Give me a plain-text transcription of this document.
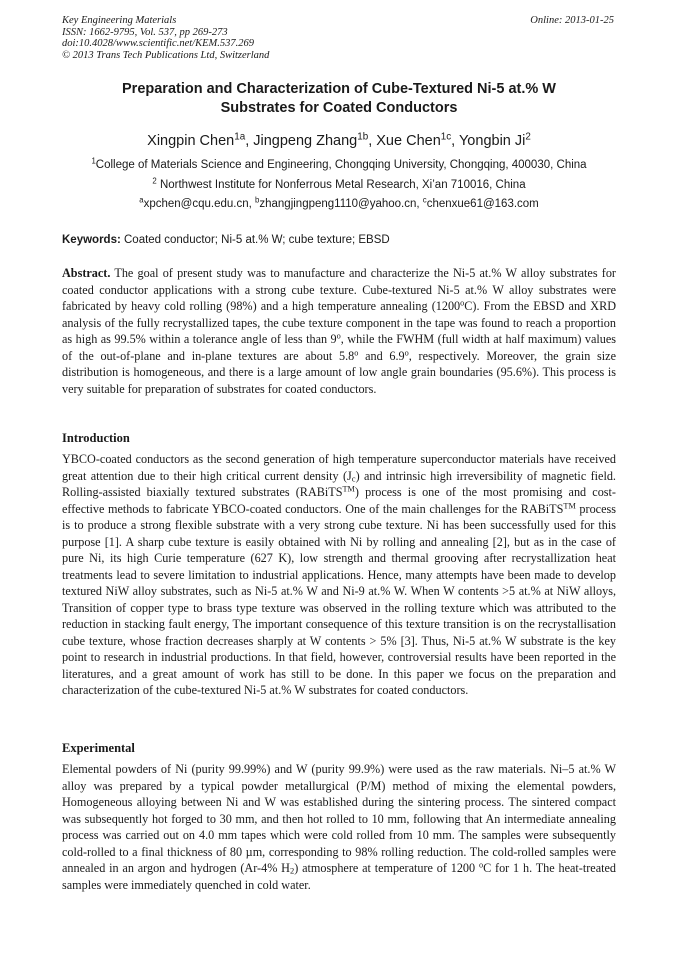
Key Engineering Materials
ISSN: 1662-9795, Vol. 537, pp 269-273
doi:10.4028/www.scientific.net/KEM.537.269
© 2013 Trans Tech Publications Ltd, Switzerland
Online: 2013-01-25
Preparation and Characterization of Cube-Textured Ni-5 at.% W
Substrates for Coated Conductors
Xingpin Chen$^{1a}$, Jingpeng Zhang$^{1b}$, Xue Chen$^{1c}$, Yongbin Ji$^2$
$^1$College of Materials Science and Engineering, Chongqing University, Chongqing, 400030, China
$^2$ Northwest Institute for Nonferrous Metal Research, Xi’an 710016, China
$^a$xpchen@cqu.edu.cn, $^b$zhangjingpeng1110@yahoo.cn, $^c$chenxue61@163.com
Keywords: Coated conductor; Ni-5 at.% W; cube texture; EBSD
Abstract. The goal of present study was to manufacture and characterize the Ni-5 at.% W alloy substrates for coated conductor applications with a strong cube texture. Cube-textured Ni-5 at.% W alloy substrates were fabricated by heavy cold rolling (98%) and a high temperature annealing (1200$^o$C). From the EBSD and XRD analysis of the fully recrystallized tapes, the cube texture component in the tape was found to reach a proportion as high as 99.5% within a tolerance angle of less than 9$^o$, while the FWHM (full width at half maximum) values of the out-of-plane and in-plane textures are about 5.8$^o$ and 6.9$^o$, respectively. Moreover, the grain size distribution is homogeneous, and there is a large amount of low angle grain boundaries (95.6%). This process is very suitable for preparation of substrates for coated conductors.
Introduction
YBCO-coated conductors as the second generation of high temperature superconductor materials have received great attention due to their high critical current density $(J_c)$ and intrinsic high irreversibility of magnetic field. Rolling-assisted biaxially textured substrates (RABiTS™) process is one of the most promising and cost-effective methods to fabricate YBCO-coated conductors. One of the main challenges for the RABiTS™ process is to produce a strong flexible substrate with a very strong cube texture. Ni has been successfully used for this purpose [1]. A sharp cube texture is easily obtained with Ni by rolling and annealing [2], but as in the case of pure Ni, its high Curie temperature (627 K), low strength and thermal grooving after recrystallization heat treatments lead to severe limitation to industrial applications. Hence, many attempts have been made to develop textured NiW alloy substrates, such as Ni-5 at.% W and Ni-9 at.% W. When W contents >5 at.% at NiW alloys, Transition of copper type to brass type texture was observed in the rolling texture which was attributed to the reduction in stacking fault energy, The important consequence of this texture transition is on the recrystallisation cube texture, whose fraction decreases sharply at W contents > 5% [3]. Thus, Ni-5 at.% W substrate is the key point to research in industrial productions. In that field, however, controversial results have been reported in the literatures, and a great amount of work has still to be done. In this paper we focus on the preparation and characterization of the cube-textured Ni-5 at.% W substrates for coated conductors.
Experimental
Elemental powders of Ni (purity 99.99%) and W (purity 99.9%) were used as the raw materials. Ni–5 at.% W alloy was prepared by a typical powder metallurgical (P/M) method of mixing the elemental powders, Homogeneous alloying between Ni and W was established during the sintering process. The sintered compact was subsequently hot forged to 30 mm, and then hot rolled to 10 mm, following that An intermediate annealing process was carried out on 4.0 mm tapes which were cold rolled from 10 mm. The samples were subsequently cold-rolled to a final thickness of 80 µm, corresponding to 98% rolling reduction. The cold-rolled samples were annealed in an argon and hydrogen (Ar-4% $H_2$) atmosphere at temperature of 1200 $^o$C for 1 h. The heat-treated samples were immediately quenched in cold water.
